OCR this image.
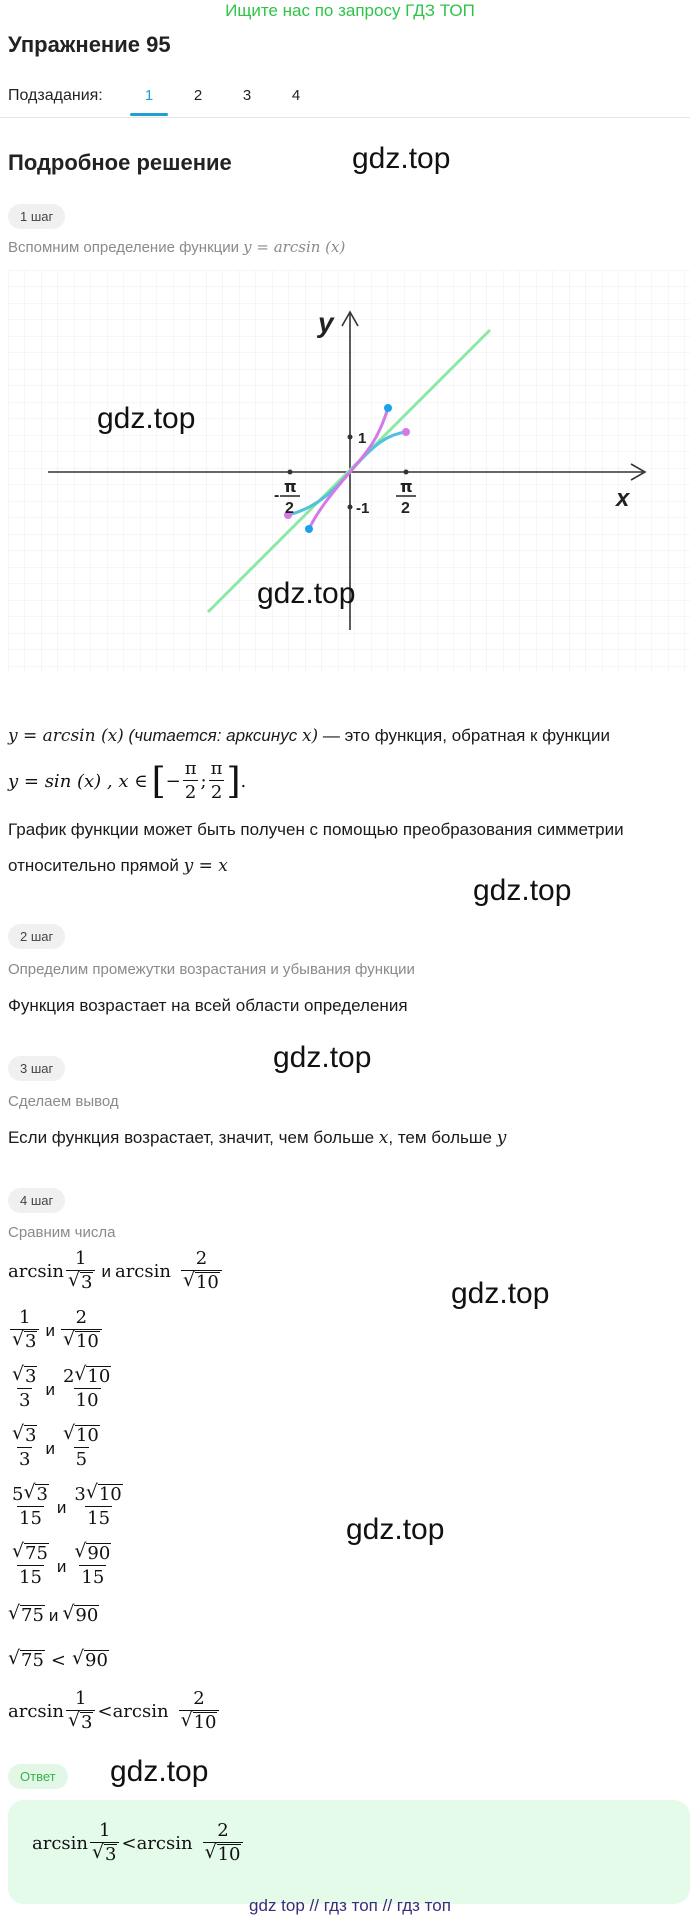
Ищите нас по запросу ГДЗ ТОП
Упражнение 95
Подзадания:	1	2	3	4
Подробное решение	gdz.top
1 шаг
Вспомним определение функции y = arcsin (x)
y
x
1
-1
π
2
- π
2
gdz.top
gdz.top
y = arcsin (x) (читается: арксинус x) — это функция, обратная к функции
y = sin (x) , x ∈ [ − $\frac{\pi}{2}$ ; $\frac{\pi}{2}$ ] .
График функции может быть получен с помощью преобразования симметрии
относительно прямой y = x
gdz.top
2 шаг
Определим промежутки возрастания и убывания функции
Функция возрастает на всей области определения
gdz.top
3 шаг
Сделаем вывод
Если функция возрастает, значит, чем больше x, тем больше y
4 шаг
Сравним числа
arcsin 1
√ 3 и arcsin 2
√ 10	gdz.top
1
√ 3 и 2
√ 10
√ $\frac{3}{3}$ и $\frac{2 √ 10}{10}$
√ $\frac{3}{3}$ и √ $\frac{10}{5}$
$\frac{5 √ 3}{15}$ и $\frac{3 √ 10}{15}$	gdz.top
√ $\frac{75}{15}$ и √ $\frac{90}{15}$
√ 75 и √ 90
√ 75 <	√ 90
arcsin 1
√ 3 < arcsin 2
√ 10
Ответ	gdz.top
arcsin 1
√ 3 < arcsin 2
√ 10
gdz top // гдз топ // гдз топ
